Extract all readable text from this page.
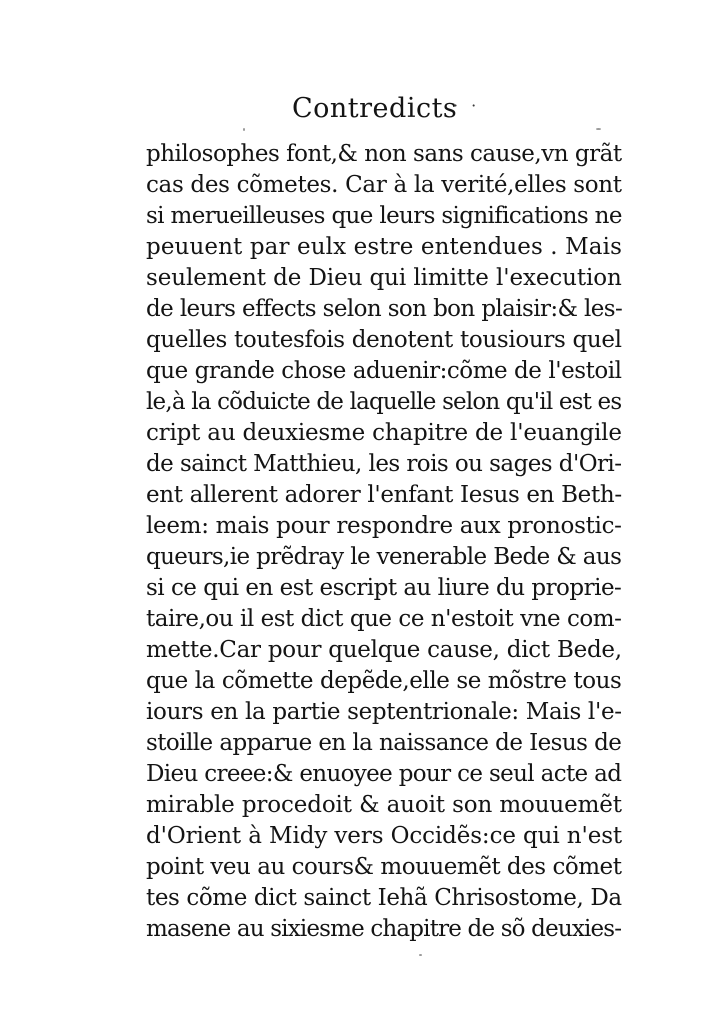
Contredicts
· ·
philosophes font,& non sans cause,vn grãt
cas des cõmetes. Car à la verité,elles sont
si merueilleuses que leurs significations ne
peuuent par eulx estre entendues . Mais
seulement de Dieu qui limitte l'execution
de leurs effects selon son bon plaisir:& les-
quelles toutesfois denotent tousiours quel
que grande chose aduenir:cõme de l'estoil
le,à la cõduicte de laquelle selon qu'il est es
cript au deuxiesme chapitre de l'euangile
de sainct Matthieu, les rois ou sages d'Ori-
ent allerent adorer l'enfant Iesus en Beth-
leem: mais pour respondre aux pronostic-
queurs,ie prẽdray le venerable Bede & aus
si ce qui en est escript au liure du proprie-
taire,ou il est dict que ce n'estoit vne com-
mette.Car pour quelque cause, dict Bede,
que la cõmette depẽde,elle se mõstre tous
iours en la partie septentrionale: Mais l'e-
stoille apparue en la naissance de Iesus de
Dieu creee:& enuoyee pour ce seul acte ad
mirable procedoit & auoit son mouuemẽt
d'Orient à Midy vers Occidẽs:ce qui n'est
point veu au cours& mouuemẽt des cõmet
tes cõme dict sainct Iehã Chrisostome, Da
masene au sixiesme chapitre de sõ deuxies-
